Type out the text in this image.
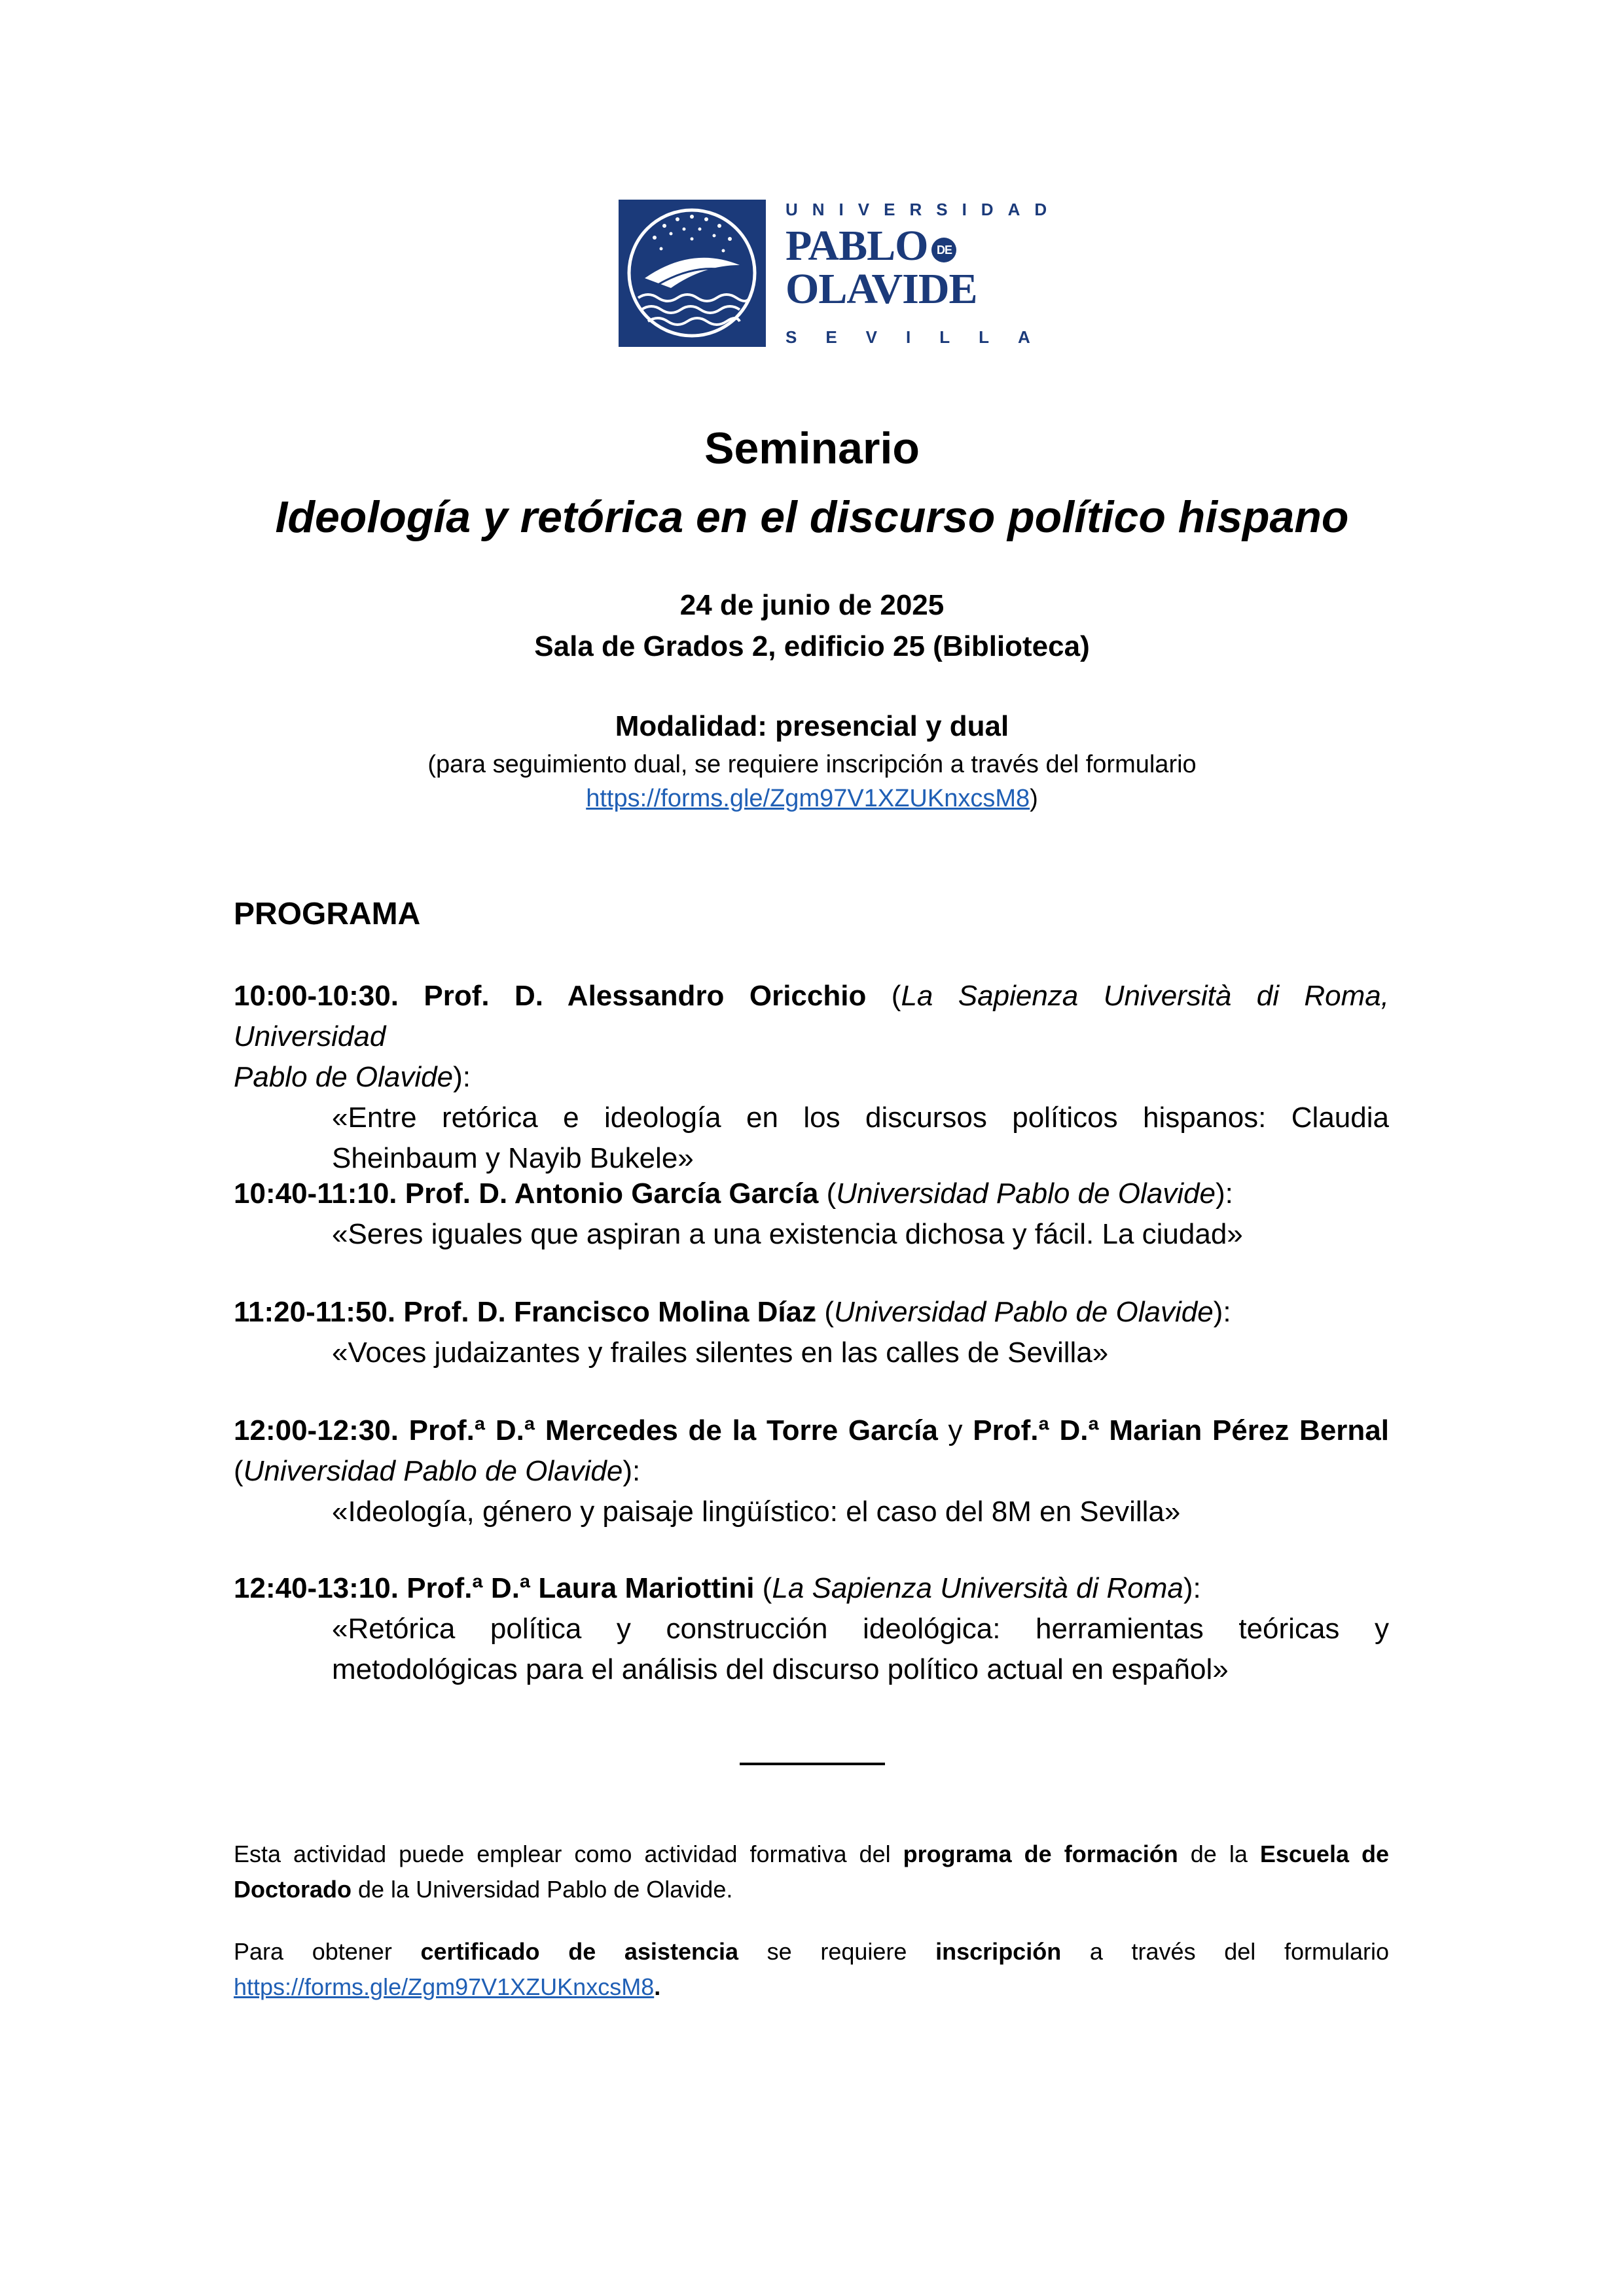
UNIVERSIDAD
PABLO DE
OLAVIDE
SEVILLA
Seminario
Ideología y retórica en el discurso político hispano
24 de junio de 2025
Sala de Grados 2, edificio 25 (Biblioteca)
Modalidad: presencial y dual
(para seguimiento dual, se requiere inscripción a través del formulario
https://forms.gle/Zgm97V1XZUKnxcsM8)
PROGRAMA
10:00-10:30. Prof. D. Alessandro Oricchio (La Sapienza Università di Roma, Universidad
Pablo de Olavide):
«Entre retórica e ideología en los discursos políticos hispanos: Claudia
Sheinbaum y Nayib Bukele»
10:40-11:10. Prof. D. Antonio García García (Universidad Pablo de Olavide):
«Seres iguales que aspiran a una existencia dichosa y fácil. La ciudad»
11:20-11:50. Prof. D. Francisco Molina Díaz (Universidad Pablo de Olavide):
«Voces judaizantes y frailes silentes en las calles de Sevilla»
12:00-12:30. Prof.ª D.ª Mercedes de la Torre García y Prof.ª D.ª Marian Pérez Bernal
(Universidad Pablo de Olavide):
«Ideología, género y paisaje lingüístico: el caso del 8M en Sevilla»
12:40-13:10. Prof.ª D.ª Laura Mariottini (La Sapienza Università di Roma):
«Retórica política y construcción ideológica: herramientas teóricas y
metodológicas para el análisis del discurso político actual en español»
Esta actividad puede emplear como actividad formativa del programa de formación de la Escuela de
Doctorado de la Universidad Pablo de Olavide.
Para obtener certificado de asistencia se requiere inscripción a través del formulario
https://forms.gle/Zgm97V1XZUKnxcsM8.
